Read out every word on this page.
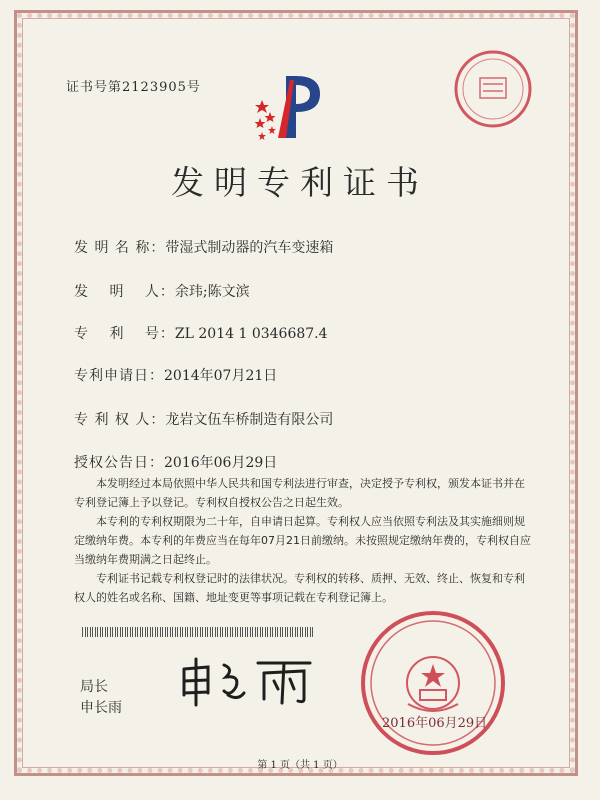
证书号第2123905号
发明专利证书
发 明 名 称：带湿式制动器的汽车变速箱
发　 明　 人：余玮;陈文滨
专　 利　 号：ZL 2014 1 0346687.4
专利申请日：2014年07月21日
专 利 权 人：龙岩文伍车桥制造有限公司
授权公告日：2016年06月29日

本发明经过本局依照中华人民共和国专利法进行审查，决定授予专利权，颁发本证书并在专利登记簿上予以登记。专利权自授权公告之日起生效。

本专利的专利权期限为二十年，自申请日起算。专利权人应当依照专利法及其实施细则规定缴纳年费。本专利的年费应当在每年07月21日前缴纳。未按照规定缴纳年费的，专利权自应当缴纳年费期满之日起终止。

专利证书记载专利权登记时的法律状况。专利权的转移、质押、无效、终止、恢复和专利权人的姓名或名称、国籍、地址变更等事项记载在专利登记簿上。

局长
申长雨
2016年06月29日
第 1 页（共 1 页）
